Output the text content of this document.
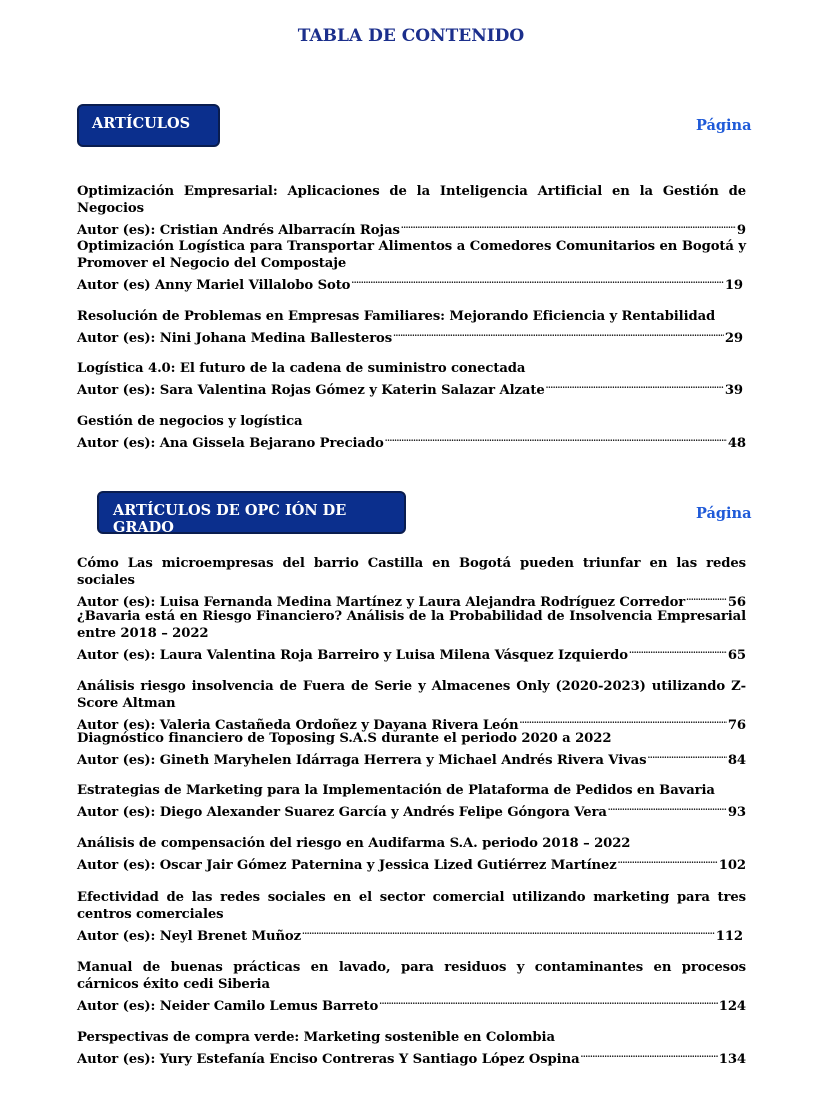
TABLA DE CONTENIDO
ARTÍCULOS	Página
Optimización Empresarial: Aplicaciones de la Inteligencia Artificial en la Gestión de Negocios
Autor (es): Cristian Andrés Albarracín Rojas . . .	9
Optimización Logística para Transportar Alimentos a Comedores Comunitarios en Bogotá y Promover el Negocio del Compostaje
Autor (es) Anny Mariel Villalobo Soto . . .	19
Resolución de Problemas en Empresas Familiares: Mejorando Eficiencia y Rentabilidad
Autor (es): Nini Johana Medina Ballesteros . . .	29
Logística 4.0: El futuro de la cadena de suministro conectada
Autor (es): Sara Valentina Rojas Gómez y Katerin Salazar Alzate . . .	39
Gestión de negocios y logística
Autor (es): Ana Gissela Bejarano Preciado . . .	48
ARTÍCULOS DE OPC IÓN DE GRADO
Página
Cómo Las microempresas del barrio Castilla en Bogotá pueden triunfar en las redes sociales
Autor (es): Luisa Fernanda Medina Martínez y Laura Alejandra Rodríguez Corredor . . .	56
¿Bavaria está en Riesgo Financiero? Análisis de la Probabilidad de Insolvencia Empresarial entre 2018 – 2022
Autor (es): Laura Valentina Roja Barreiro y Luisa Milena Vásquez Izquierdo . . .	65
Análisis riesgo insolvencia de Fuera de Serie y Almacenes Only (2020-2023) utilizando Z- Score Altman
Autor (es): Valeria Castañeda Ordoñez y Dayana Rivera León . . .	76
Diagnóstico financiero de Toposing S.A.S durante el periodo 2020 a 2022
Autor (es): Gineth Maryhelen Idárraga Herrera y Michael Andrés Rivera Vivas . . .	84
Estrategias de Marketing para la Implementación de Plataforma de Pedidos en Bavaria
Autor (es): Diego Alexander Suarez García y Andrés Felipe Góngora Vera . . .	93
Análisis de compensación del riesgo en Audifarma S.A. periodo 2018 – 2022
Autor (es): Oscar Jair Gómez Paternina y Jessica Lized Gutiérrez Martínez . . .	102
Efectividad de las redes sociales en el sector comercial utilizando marketing para tres centros comerciales
Autor (es): Neyl Brenet Muñoz . . .	112
Manual de buenas prácticas en lavado, para residuos y contaminantes en procesos cárnicos éxito cedi Siberia
Autor (es): Neider Camilo Lemus Barreto . . .	124
Perspectivas de compra verde: Marketing sostenible en Colombia
Autor (es): Yury Estefanía Enciso Contreras Y Santiago López Ospina . . .	134
